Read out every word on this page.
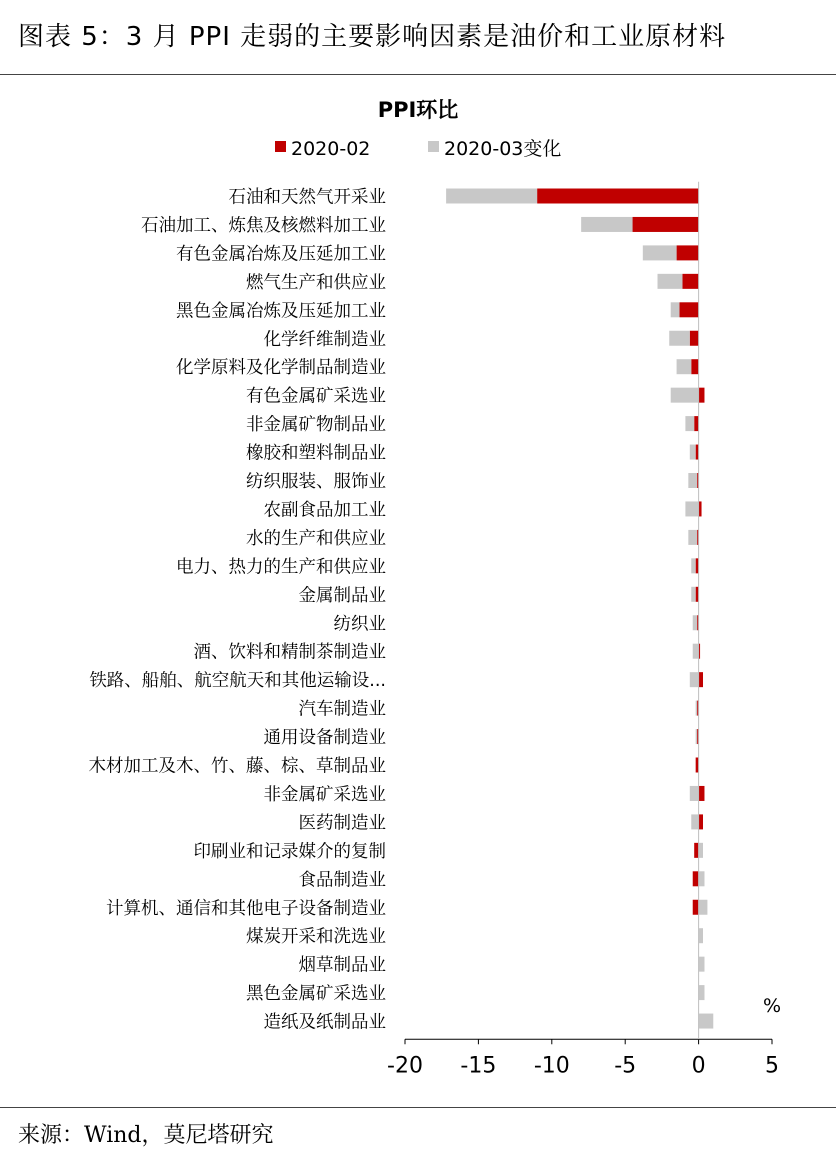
图表 5：3 月 PPI 走弱的主要影响因素是油价和工业原材料
PPI环比
2020-02	2020-03变化
石油和天然气开采业
石油加工、炼焦及核燃料加工业
有色金属冶炼及压延加工业
燃气生产和供应业
黑色金属冶炼及压延加工业
化学纤维制造业
化学原料及化学制品制造业
有色金属矿采选业
非金属矿物制品业
橡胶和塑料制品业
纺织服装、服饰业
农副食品加工业
水的生产和供应业
电力、热力的生产和供应业
金属制品业
纺织业
酒、饮料和精制茶制造业
铁路、船舶、航空航天和其他运输设...
汽车制造业
通用设备制造业
木材加工及木、竹、藤、棕、草制品业
非金属矿采选业
医药制造业
印刷业和记录媒介的复制
食品制造业
计算机、通信和其他电子设备制造业
煤炭开采和洗选业
烟草制品业
黑色金属矿采选业
造纸及纸制品业
-20 -15 -10 -5	0	5
%
来源：Wind，莫尼塔研究
